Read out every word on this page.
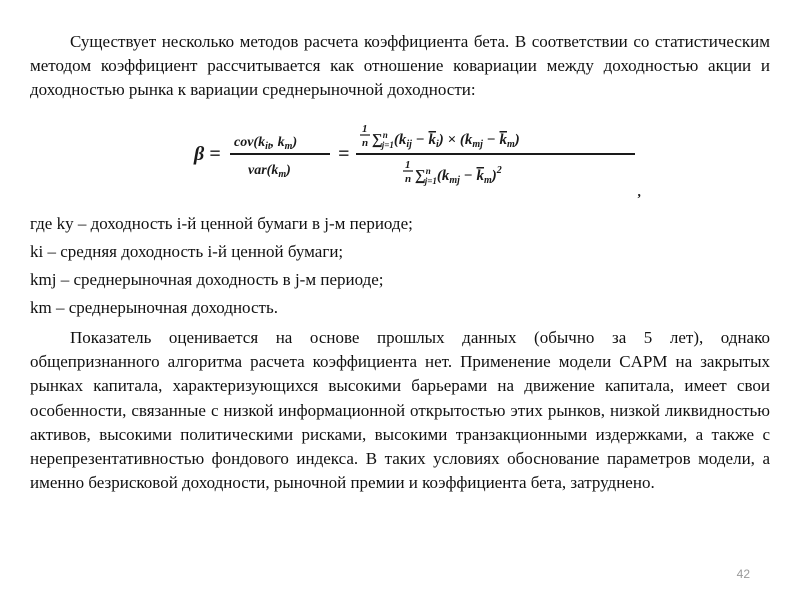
Существует несколько методов расчета коэффициента бета. В соответствии со статистическим методом коэффициент рассчитывается как отношение ковариации между доходностью акции и доходностью рынка к вариации среднерыночной доходности:

β =
$cov(k_{it}$, $k_m$)
$var(k_m)$
=
1
n ∑$^n$ $j=1(k_{ij} - k_i) \times (k_{mj} - k_m)$
1
n ∑$^n$ $j=1(k_{mj} - k_m)^2$
,
где ky – доходность i-й ценной бумаги в j-м периоде;
ki – средняя доходность i-й ценной бумаги;
kmj – среднерыночная доходность в j-м периоде;
km – среднерыночная доходность.

Показатель оценивается на основе прошлых данных (обычно за 5 лет), однако общепризнанного алгоритма расчета коэффициента нет. Применение модели CAPM на закрытых рынках капитала, характеризующихся высокими барьерами на движение капитала, имеет свои особенности, связанные с низкой информационной открытостью этих рынков, низкой ликвидностью активов, высокими политическими рисками, высокими транзакционными издержками, а также с нерепрезентативностью фондового индекса. В таких условиях обоснование параметров модели, а именно безрисковой доходности, рыночной премии и коэффициента бета, затруднено.

42
